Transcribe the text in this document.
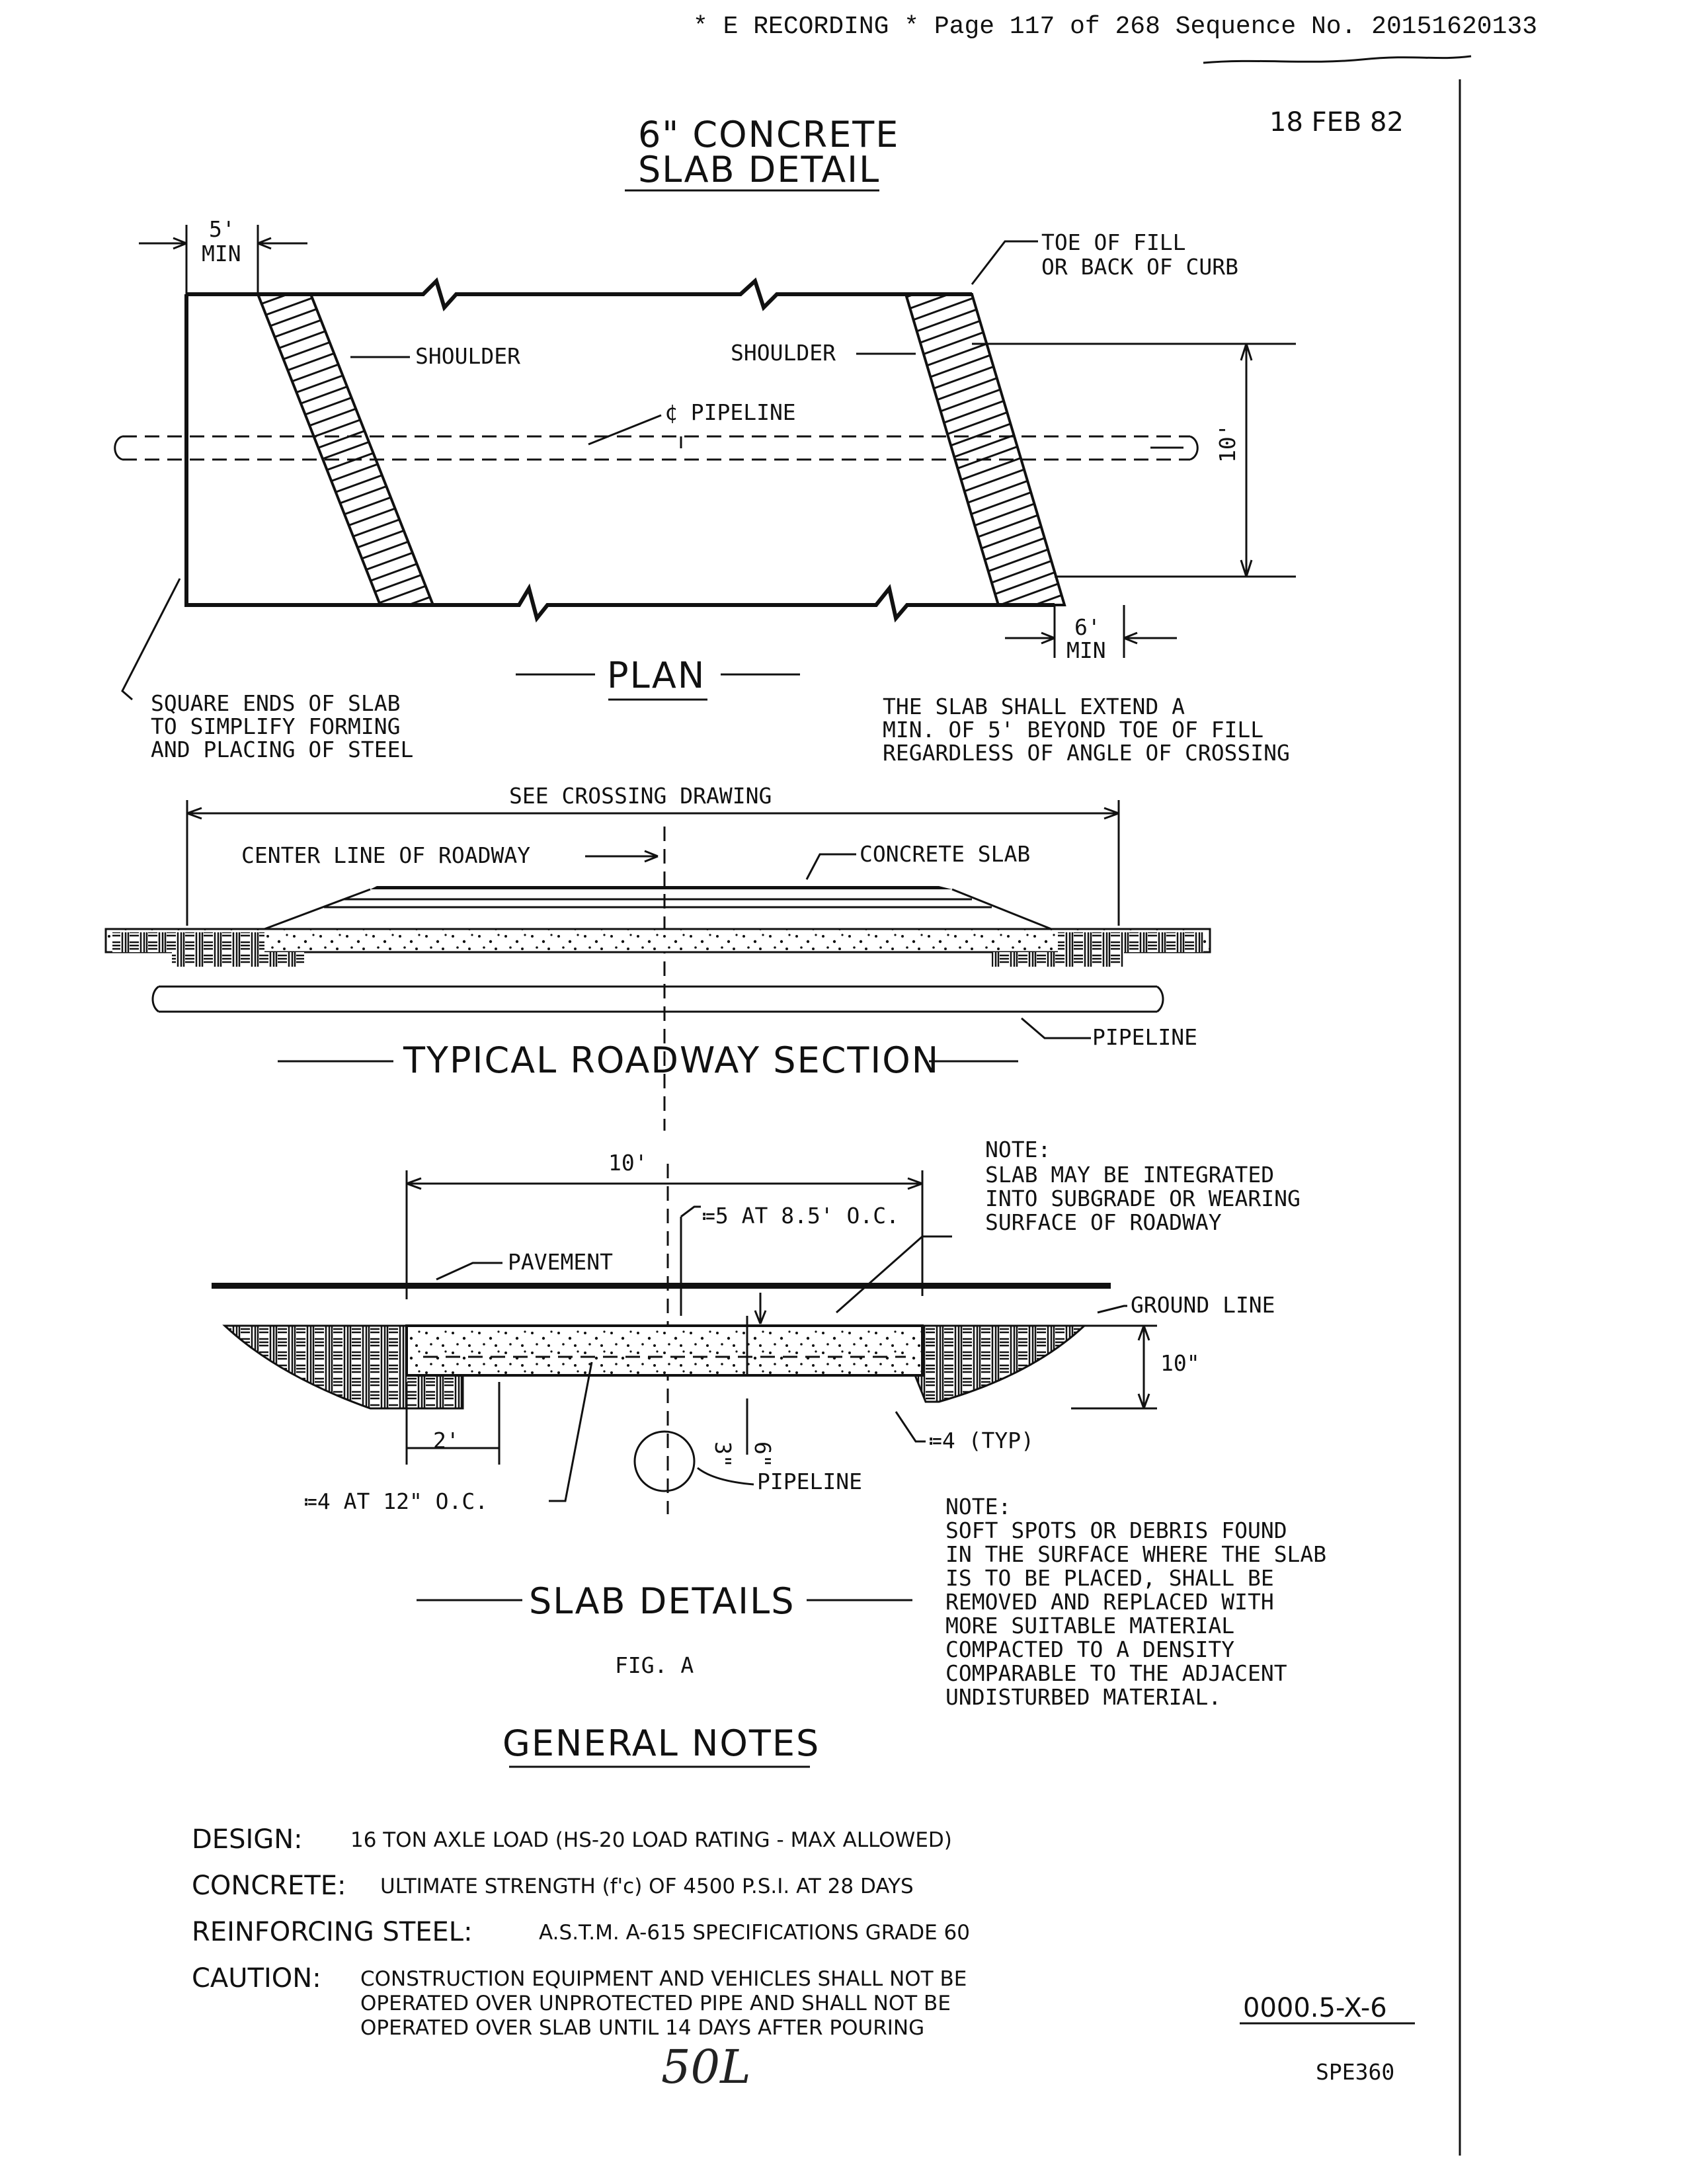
* E RECORDING * Page 117 of 268 Sequence No. 20151620133
18 FEB 82
6" CONCRETE
SLAB DETAIL
5'
MIN	TOE OF FILL
OR BACK OF CURB
SHOULDER	SHOULDER
¢ PIPELINE
10'
6'
MIN
PLAN
SQUARE ENDS OF SLAB
TO SIMPLIFY FORMING
AND PLACING OF STEEL
THE SLAB SHALL EXTEND A
MIN. OF 5' BEYOND TOE OF FILL
REGARDLESS OF ANGLE OF CROSSING
SEE CROSSING DRAWING
CENTER LINE OF ROADWAY	CONCRETE SLAB
PIPELINE
TYPICAL ROADWAY SECTION
10'
≔5 AT 8.5' O.C.
PAVEMENT
GROUND LINE
10"
NOTE:
SLAB MAY BE INTEGRATED
INTO SUBGRADE OR WEARING
SURFACE OF ROADWAY
2'
3" 6"
PIPELINE
≔4 (TYP)
≔4 AT 12" O.C.	NOTE:
SOFT SPOTS OR DEBRIS FOUND
IN THE SURFACE WHERE THE SLAB
IS TO BE PLACED, SHALL BE
REMOVED AND REPLACED WITH
MORE SUITABLE MATERIAL
COMPACTED TO A DENSITY
COMPARABLE TO THE ADJACENT
UNDISTURBED MATERIAL.
SLAB DETAILS
FIG. A
GENERAL NOTES
DESIGN: 16 TON AXLE LOAD (HS-20 LOAD RATING - MAX ALLOWED)
CONCRETE: ULTIMATE STRENGTH (f'c) OF 4500 P.S.I. AT 28 DAYS
REINFORCING STEEL:	A.S.T.M. A-615 SPECIFICATIONS GRADE 60
CAUTION: CONSTRUCTION EQUIPMENT AND VEHICLES SHALL NOT BE
OPERATED OVER UNPROTECTED PIPE AND SHALL NOT BE
OPERATED OVER SLAB UNTIL 14 DAYS AFTER POURING
0000.5-X-6
50L	SPE360
